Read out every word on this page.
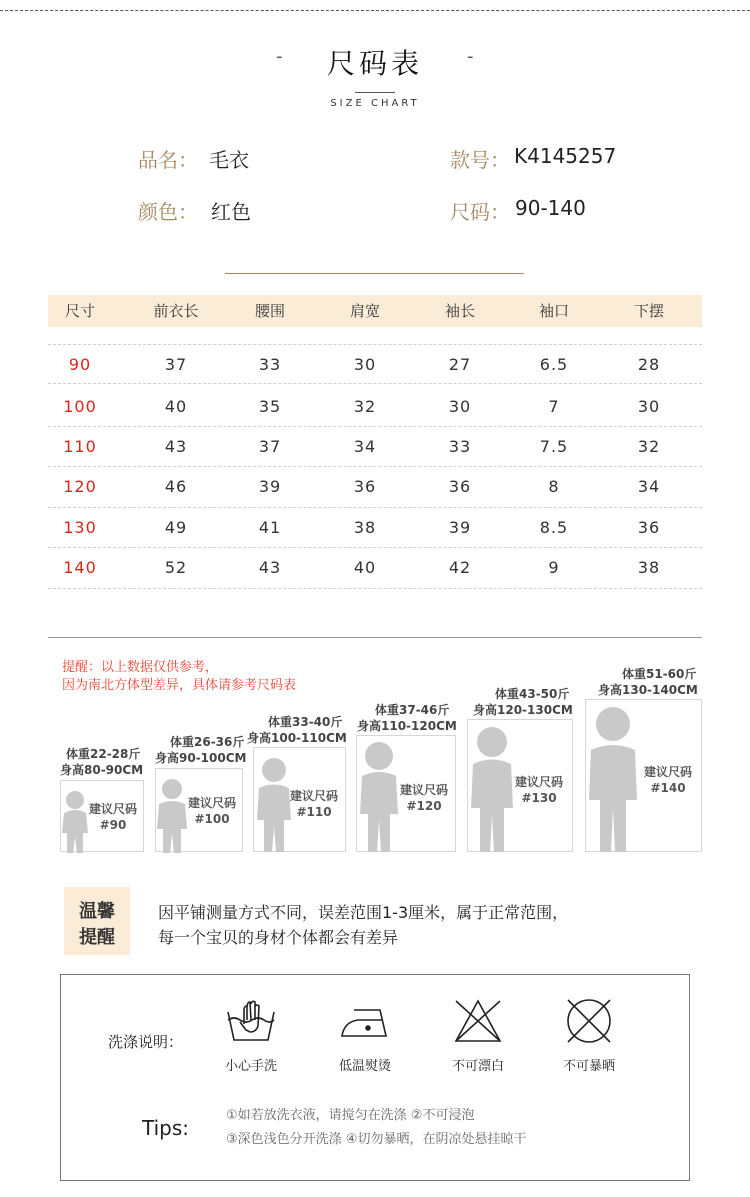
-	尺码表	-
SIZE CHART
品名： 毛衣	款号： K4145257
颜色： 红色	尺码： 90-140
尺寸	前衣长	腰围	肩宽	袖长	袖口	下摆
90	37	33	30	27	6.5	28
100	40	35	32	30	7	30
110	43	37	34	33	7.5	32
120	46	39	36	36	8	34
130	49	41	38	39	8.5	36
140	52	43	40	42	9	38
提醒：以上数据仅供参考，
因为南北方体型差异，具体请参考尺码表
体重22-28斤
身高80-90CM
建议尺码
#90
体重26-36斤
身高90-100CM
建议尺码
#100
体重33-40斤
身高100-110CM
建议尺码
#110
体重37-46斤
身高110-120CM
建议尺码
#120
体重43-50斤
身高120-130CM
建议尺码
#130
体重51-60斤
身高130-140CM
建议尺码
#140
温馨
提醒
因平铺测量方式不同，误差范围1-3厘米，属于正常范围，
每一个宝贝的身材个体都会有差异
洗涤说明：
小心手洗	低温熨烫	不可漂白	不可暴晒
Tips:
①如若放洗衣液，请搅匀在洗涤 ②不可浸泡
③深色浅色分开洗涤 ④切勿暴晒，在阴凉处悬挂晾干
